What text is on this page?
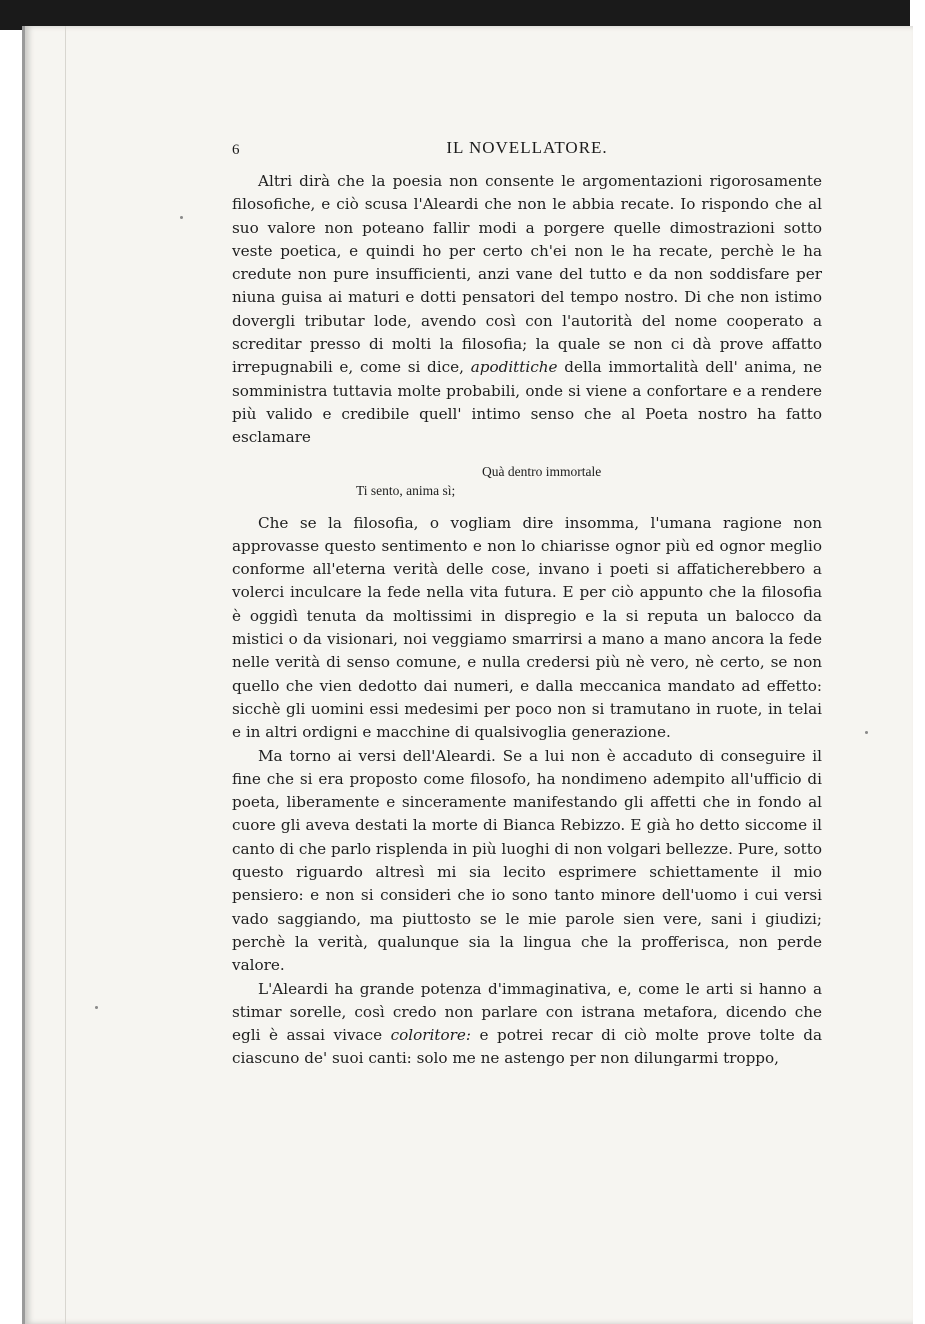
6	IL NOVELLATORE.

Altri dirà che la poesia non consente le argomentazioni rigorosamente filosofiche, e ciò scusa l'Aleardi che non le abbia recate. Io rispondo che al suo valore non poteano fallir modi a porgere quelle dimostrazioni sotto veste poetica, e quindi ho per certo ch'ei non le ha recate, perchè le ha credute non pure insufficienti, anzi vane del tutto e da non soddisfare per niuna guisa ai maturi e dotti pensatori del tempo nostro. Di che non istimo dovergli tributar lode, avendo così con l'autorità del nome cooperato a screditar presso di molti la filosofia; la quale se non ci dà prove affatto irrepugnabili e, come si dice, apodittiche della immortalità dell' anima, ne somministra tuttavia molte probabili, onde si viene a confortare e a rendere più valido e credibile quell' intimo senso che al Poeta nostro ha fatto esclamare

Quà dentro immortale
Ti sento, anima sì;

Che se la filosofia, o vogliam dire insomma, l'umana ragione non approvasse questo sentimento e non lo chiarisse ognor più ed ognor meglio conforme all'eterna verità delle cose, invano i poeti si affaticherebbero a volerci inculcare la fede nella vita futura. E per ciò appunto che la filosofia è oggidì tenuta da moltissimi in dispregio e la si reputa un balocco da mistici o da visionari, noi veggiamo smarrirsi a mano a mano ancora la fede nelle verità di senso comune, e nulla credersi più nè vero, nè certo, se non quello che vien dedotto dai numeri, e dalla meccanica mandato ad effetto: sicchè gli uomini essi medesimi per poco non si tramutano in ruote, in telai e in altri ordigni e macchine di qualsivoglia generazione.

Ma torno ai versi dell'Aleardi. Se a lui non è accaduto di conseguire il fine che si era proposto come filosofo, ha nondimeno adempito all'ufficio di poeta, liberamente e sinceramente manifestando gli affetti che in fondo al cuore gli aveva destati la morte di Bianca Rebizzo. E già ho detto siccome il canto di che parlo risplenda in più luoghi di non volgari bellezze. Pure, sotto questo riguardo altresì mi sia lecito esprimere schiettamente il mio pensiero: e non si consideri che io sono tanto minore dell'uomo i cui versi vado saggiando, ma piuttosto se le mie parole sien vere, sani i giudizi; perchè la verità, qualunque sia la lingua che la profferisca, non perde valore.

L'Aleardi ha grande potenza d'immaginativa, e, come le arti si hanno a stimar sorelle, così credo non parlare con istrana metafora, dicendo che egli è assai vivace coloritore: e potrei recar di ciò molte prove tolte da ciascuno de' suoi canti: solo me ne astengo per non dilungarmi troppo,
